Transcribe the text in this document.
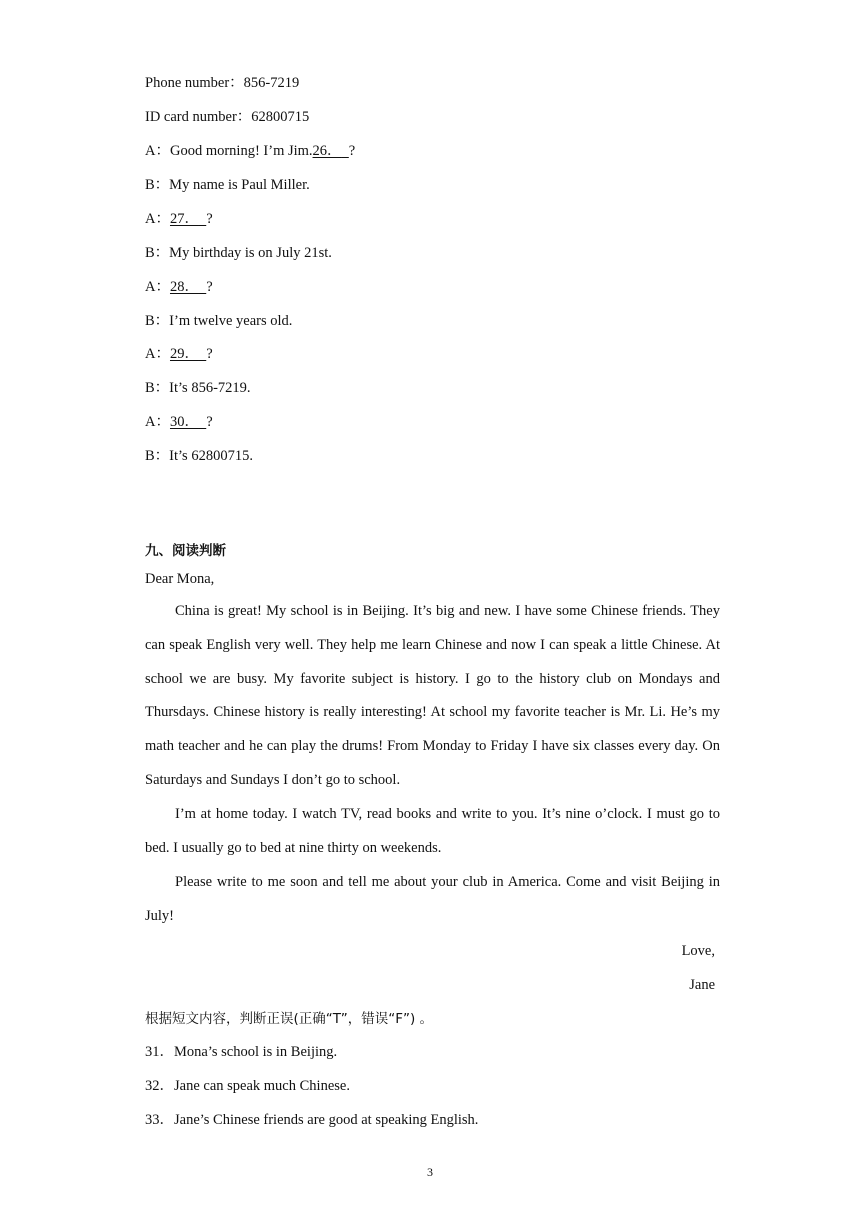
Phone number：856-7219
ID card number：62800715
A：Good morning! I’m Jim.26． ?
B：My name is Paul Miller.
A：27． ?
B：My birthday is on July 21st.
A：28． ?
B：I’m twelve years old.
A：29． ?
B：It’s 856-7219.
A：30． ?
B：It’s 62800715.
九、阅读判断
Dear Mona,
China is great! My school is in Beijing. It’s big and new. I have some Chinese friends. They can speak English very well. They help me learn Chinese and now I can speak a little Chinese. At school we are busy. My favorite subject is history. I go to the history club on Mondays and Thursdays. Chinese history is really interesting! At school my favorite teacher is Mr. Li. He’s my math teacher and he can play the drums! From Monday to Friday I have six classes every day. On Saturdays and Sundays I don’t go to school.
I’m at home today. I watch TV, read books and write to you. It’s nine o’clock. I must go to bed. I usually go to bed at nine thirty on weekends.
Please write to me soon and tell me about your club in America. Come and visit Beijing in July!
Love,
Jane
根据短文内容，判断正误(正确“T”，错误“F”) 。
31．Mona’s school is in Beijing.
32．Jane can speak much Chinese.
33．Jane’s Chinese friends are good at speaking English.
3
